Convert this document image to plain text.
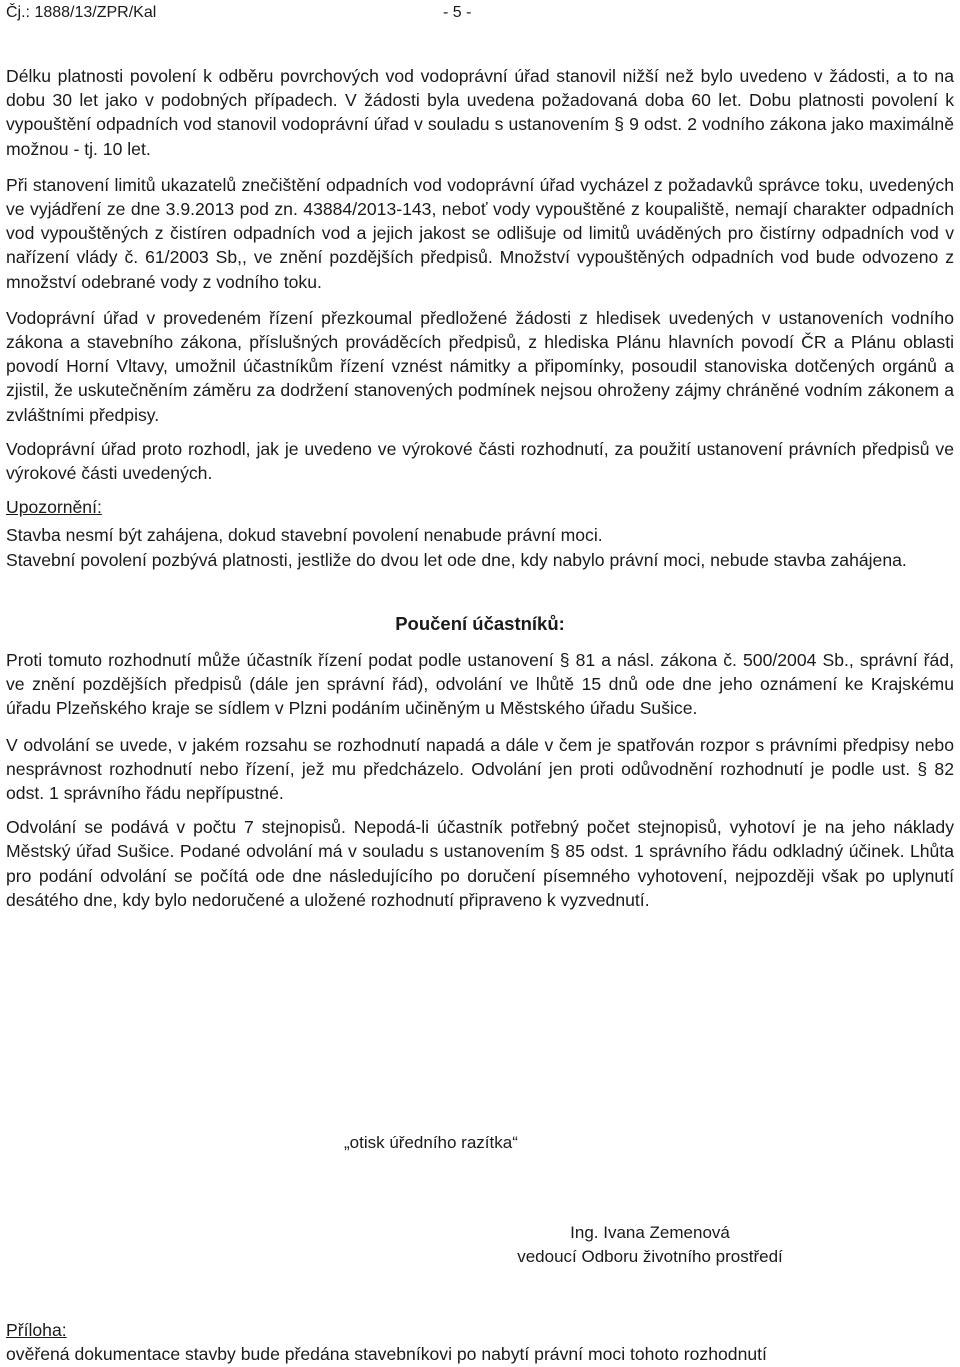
Čj.: 1888/13/ZPR/Kal	- 5 -

Délku platnosti povolení k odběru povrchových vod vodoprávní úřad stanovil nižší než bylo uvedeno v žádosti, a to na dobu 30 let jako v podobných případech. V žádosti byla uvedena požadovaná doba 60 let. Dobu platnosti povolení k vypouštění odpadních vod stanovil vodoprávní úřad v souladu s ustanovením § 9 odst. 2 vodního zákona jako maximálně možnou - tj. 10 let.

Při stanovení limitů ukazatelů znečištění odpadních vod vodoprávní úřad vycházel z požadavků správce toku, uvedených ve vyjádření ze dne 3.9.2013 pod zn. 43884/2013-143, neboť vody vypouštěné z koupaliště, nemají charakter odpadních vod vypouštěných z čistíren odpadních vod a jejich jakost se odlišuje od limitů uváděných pro čistírny odpadních vod v nařízení vlády č. 61/2003 Sb,, ve znění pozdějších předpisů. Množství vypouštěných odpadních vod bude odvozeno z množství odebrané vody z vodního toku.

Vodoprávní úřad v provedeném řízení přezkoumal předložené žádosti z hledisek uvedených v ustanoveních vodního zákona a stavebního zákona, příslušných prováděcích předpisů, z hlediska Plánu hlavních povodí ČR a Plánu oblasti povodí Horní Vltavy, umožnil účastníkům řízení vznést námitky a připomínky, posoudil stanoviska dotčených orgánů a zjistil, že uskutečněním záměru za dodržení stanovených podmínek nejsou ohroženy zájmy chráněné vodním zákonem a zvláštními předpisy.

Vodoprávní úřad proto rozhodl, jak je uvedeno ve výrokové části rozhodnutí, za použití ustanovení právních předpisů ve výrokové části uvedených.

Upozornění:

Stavba nesmí být zahájena, dokud stavební povolení nenabude právní moci.

Stavební povolení pozbývá platnosti, jestliže do dvou let ode dne, kdy nabylo právní moci, nebude stavba zahájena.

Poučení účastníků:

Proti tomuto rozhodnutí může účastník řízení podat podle ustanovení § 81 a násl. zákona č. 500/2004 Sb., správní řád, ve znění pozdějších předpisů (dále jen správní řád), odvolání ve lhůtě 15 dnů ode dne jeho oznámení ke Krajskému úřadu Plzeňského kraje se sídlem v Plzni podáním učiněným u Městského úřadu Sušice.

V odvolání se uvede, v jakém rozsahu se rozhodnutí napadá a dále v čem je spatřován rozpor s právními předpisy nebo nesprávnost rozhodnutí nebo řízení, jež mu předcházelo. Odvolání jen proti odůvodnění rozhodnutí je podle ust. § 82 odst. 1 správního řádu nepřípustné.

Odvolání se podává v počtu 7 stejnopisů. Nepodá-li účastník potřebný počet stejnopisů, vyhotoví je na jeho náklady Městský úřad Sušice. Podané odvolání má v souladu s ustanovením § 85 odst. 1 správního řádu odkladný účinek. Lhůta pro podání odvolání se počítá ode dne následujícího po doručení písemného vyhotovení, nejpozději však po uplynutí desátého dne, kdy bylo nedoručené a uložené rozhodnutí připraveno k vyzvednutí.

„otisk úředního razítka“
Ing. Ivana Zemenová
vedoucí Odboru životního prostředí
Příloha:
ověřená dokumentace stavby bude předána stavebníkovi po nabytí právní moci tohoto rozhodnutí
